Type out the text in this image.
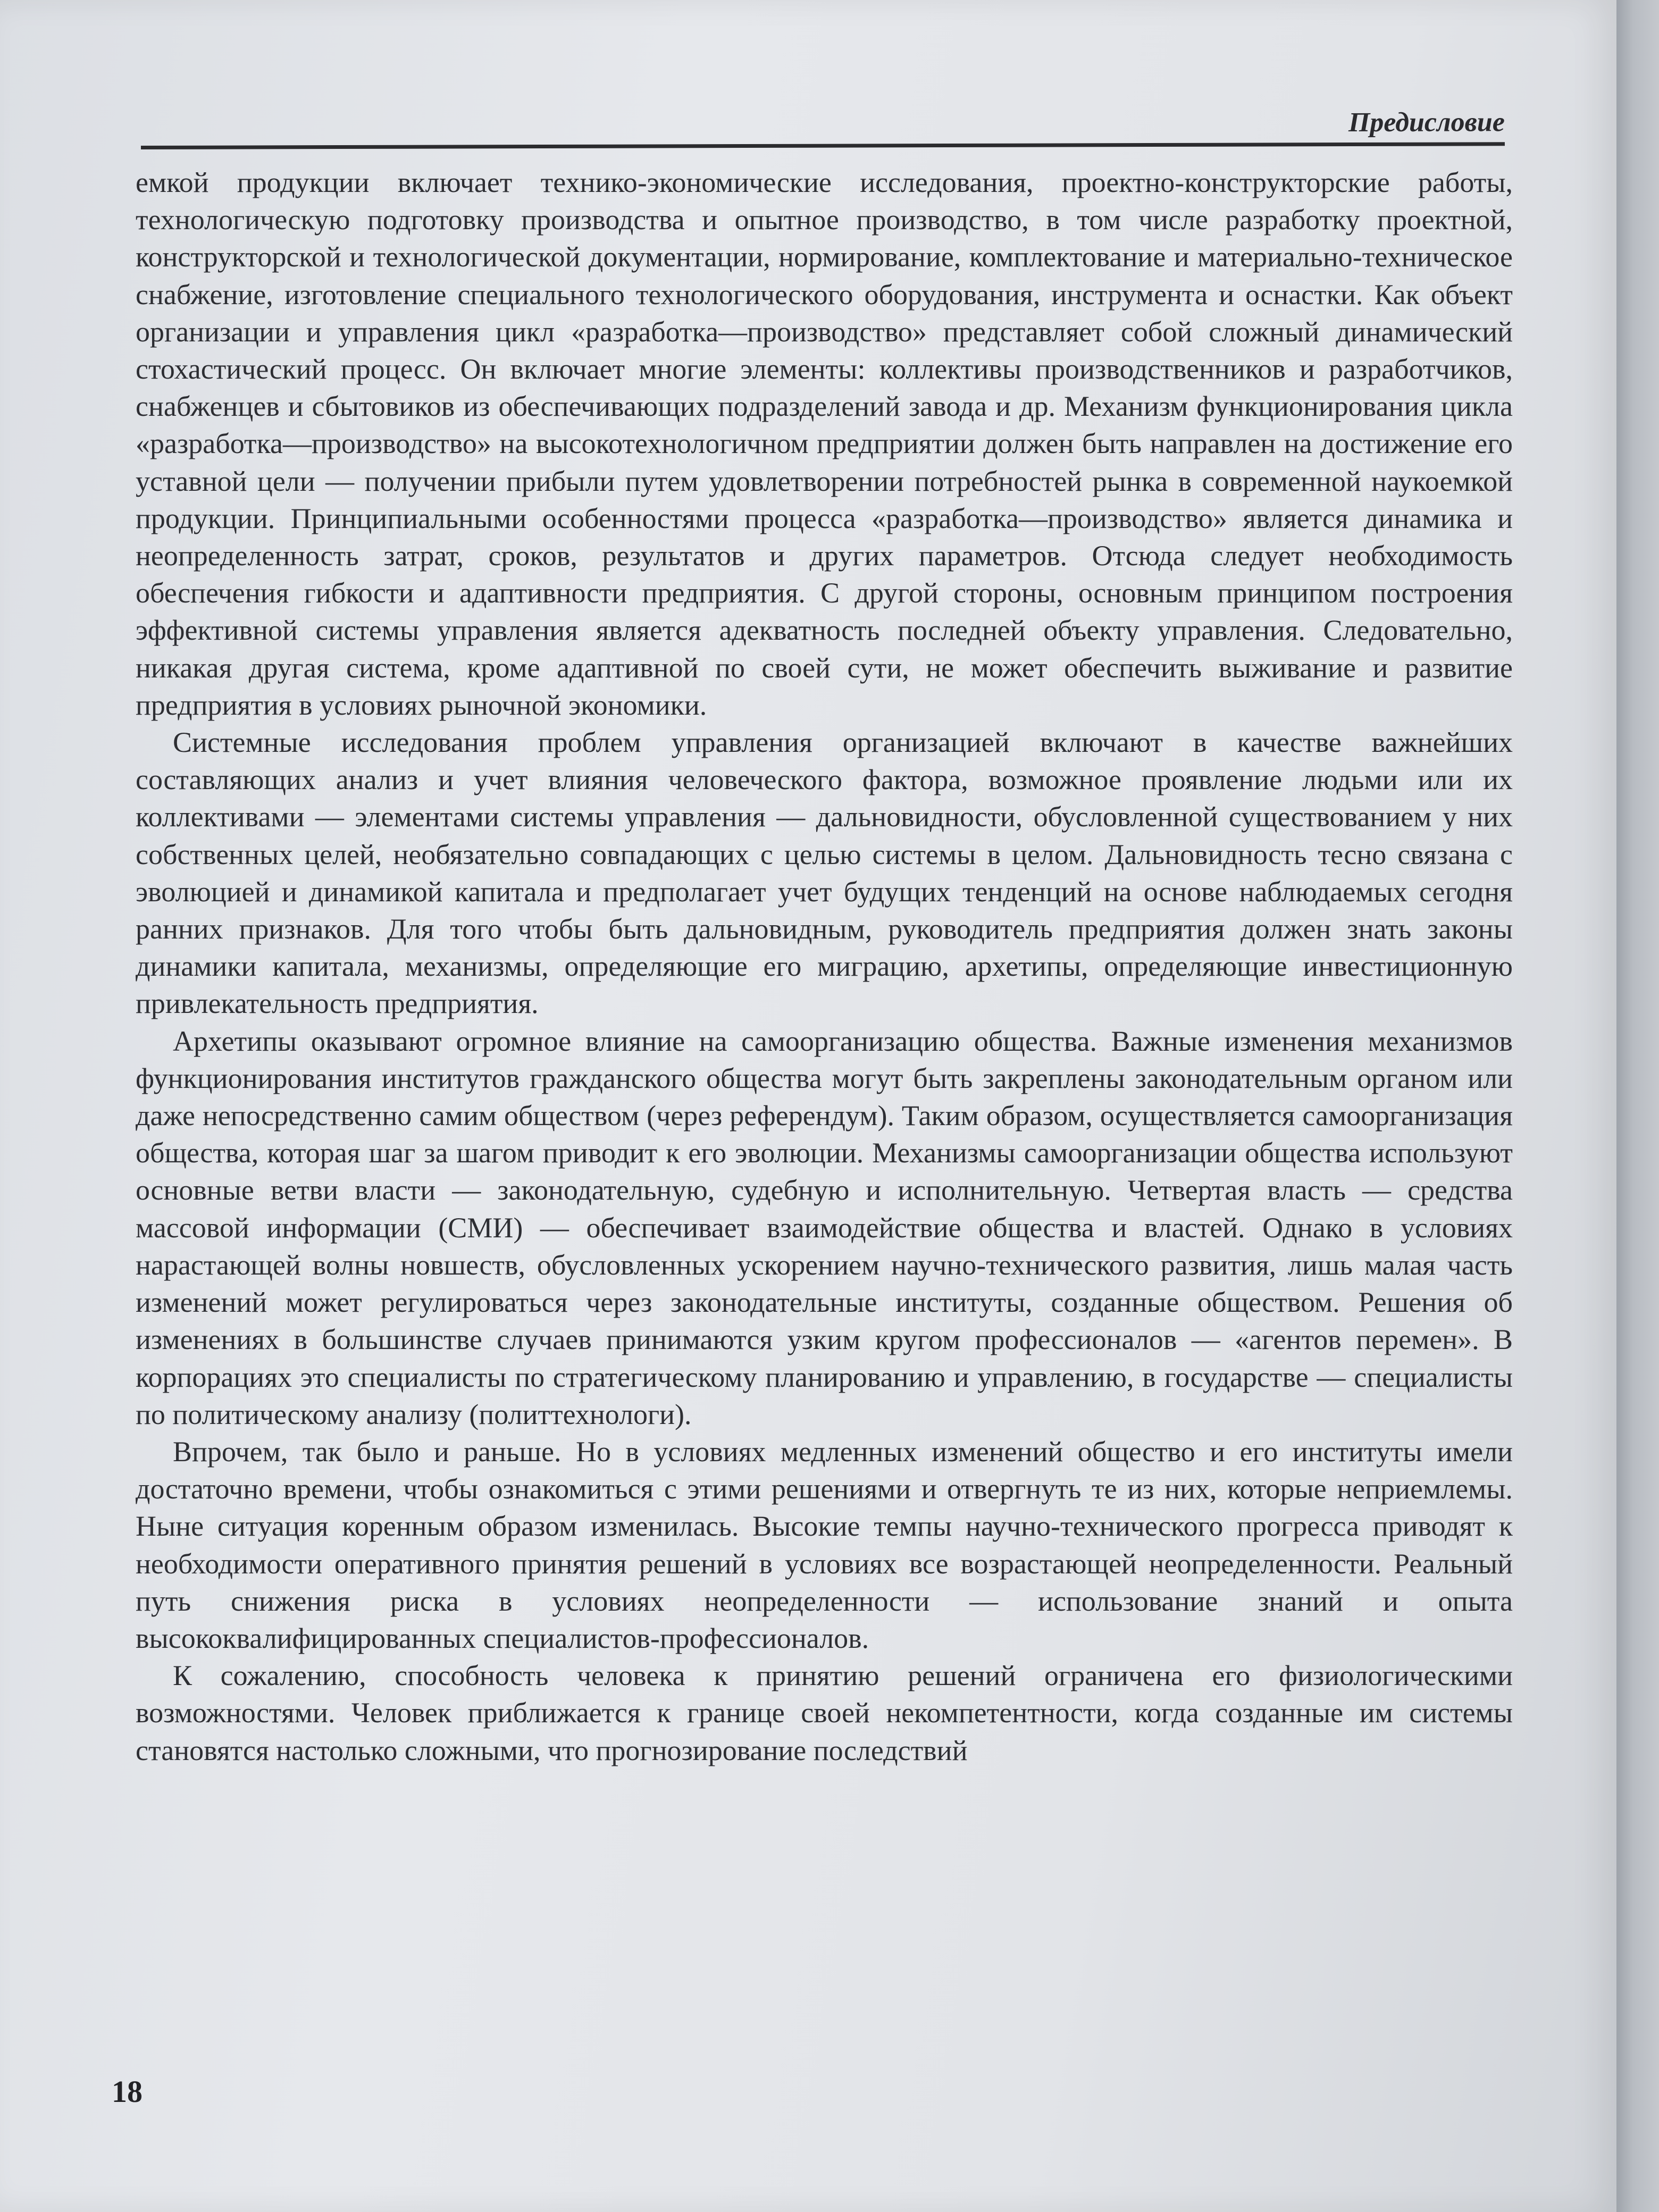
Предисловие

емкой продукции включает технико-экономические исследования, проектно-конструкторские работы, технологическую подготовку производства и опытное производство, в том числе разработку проектной, конструкторской и технологической документации, нормирование, комплектование и материально-техническое снабжение, изготовление специального технологического оборудования, инструмента и оснастки. Как объект организации и управления цикл «разработка—производство» представляет собой сложный динамический стохастический процесс. Он включает многие элементы: коллективы производственников и разработчиков, снабженцев и сбытовиков из обеспечивающих подразделений завода и др. Механизм функционирования цикла «разработка—производство» на высокотехнологичном предприятии должен быть направлен на достижение его уставной цели — получении прибыли путем удовлетворении потребностей рынка в современной наукоемкой продукции. Принципиальными особенностями процесса «разработка—производство» является динамика и неопределенность затрат, сроков, результатов и других параметров. Отсюда следует необходимость обеспечения гибкости и адаптивности предприятия. С другой стороны, основным принципом построения эффективной системы управления является адекватность последней объекту управления. Следовательно, никакая другая система, кроме адаптивной по своей сути, не может обеспечить выживание и развитие предприятия в условиях рыночной экономики.

Системные исследования проблем управления организацией включают в качестве важнейших составляющих анализ и учет влияния человеческого фактора, возможное проявление людьми или их коллективами — элементами системы управления — дальновидности, обусловленной существованием у них собственных целей, необязательно совпадающих с целью системы в целом. Дальновидность тесно связана с эволюцией и динамикой капитала и предполагает учет будущих тенденций на основе наблюдаемых сегодня ранних признаков. Для того чтобы быть дальновидным, руководитель предприятия должен знать законы динамики капитала, механизмы, определяющие его миграцию, архетипы, определяющие инвестиционную привлекательность предприятия.

Архетипы оказывают огромное влияние на самоорганизацию общества. Важные изменения механизмов функционирования институтов гражданского общества могут быть закреплены законодательным органом или даже непосредственно самим обществом (через референдум). Таким образом, осуществляется самоорганизация общества, которая шаг за шагом приводит к его эволюции. Механизмы самоорганизации общества используют основные ветви власти — законодательную, судебную и исполнительную. Четвертая власть — средства массовой информации (СМИ) — обеспечивает взаимодействие общества и властей. Однако в условиях нарастающей волны новшеств, обусловленных ускорением научно-технического развития, лишь малая часть изменений может регулироваться через законодательные институты, созданные обществом. Решения об изменениях в большинстве случаев принимаются узким кругом профессионалов — «агентов перемен». В корпорациях это специалисты по стратегическому планированию и управлению, в государстве — специалисты по политическому анализу (политтехнологи).

Впрочем, так было и раньше. Но в условиях медленных изменений общество и его институты имели достаточно времени, чтобы ознакомиться с этими решениями и отвергнуть те из них, которые неприемлемы. Ныне ситуация коренным образом изменилась. Высокие темпы научно-технического прогресса приводят к необходимости оперативного принятия решений в условиях все возрастающей неопределенности. Реальный путь снижения риска в условиях неопределенности — использование знаний и опыта высококвалифицированных специалистов-профессионалов.

К сожалению, способность человека к принятию решений ограничена его физиологическими возможностями. Человек приближается к границе своей некомпетентности, когда созданные им системы становятся настолько сложными, что прогнозирование последствий

18
